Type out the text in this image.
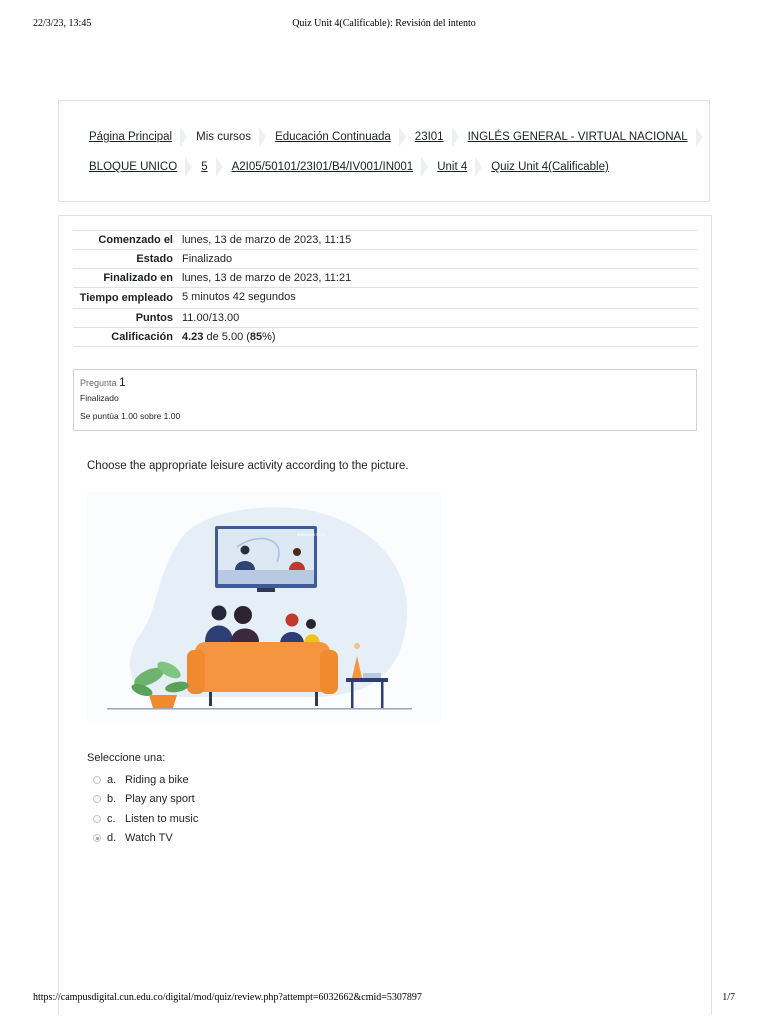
22/3/23, 13:45	Quiz Unit 4(Calificable): Revisión del intento
Página Principal Mis cursos Educación Continuada 23I01 INGLÉS GENERAL - VIRTUAL NACIONAL
BLOQUE UNICO 5 A2I05/50101/23I01/B4/IV001/IN001 Unit 4 Quiz Unit 4(Calificable)
Comenzado el	lunes, 13 de marzo de 2023, 11:15
Estado	Finalizado
Finalizado en	lunes, 13 de marzo de 2023, 11:21
Tiempo empleado	5 minutos 42 segundos
Puntos	11.00/13.00
Calificación	4.23 de 5.00 (85%)
Pregunta 1
Finalizado
Se puntúa 1.00 sobre 1.00
Choose the appropriate leisure activity according to the picture.
BREAKING NEWS
Seleccione una:
a. Riding a bike
b. Play any sport
c. Listen to music
d. Watch TV
https://campusdigital.cun.edu.co/digital/mod/quiz/review.php?attempt=6032662&cmid=5307897	1/7
